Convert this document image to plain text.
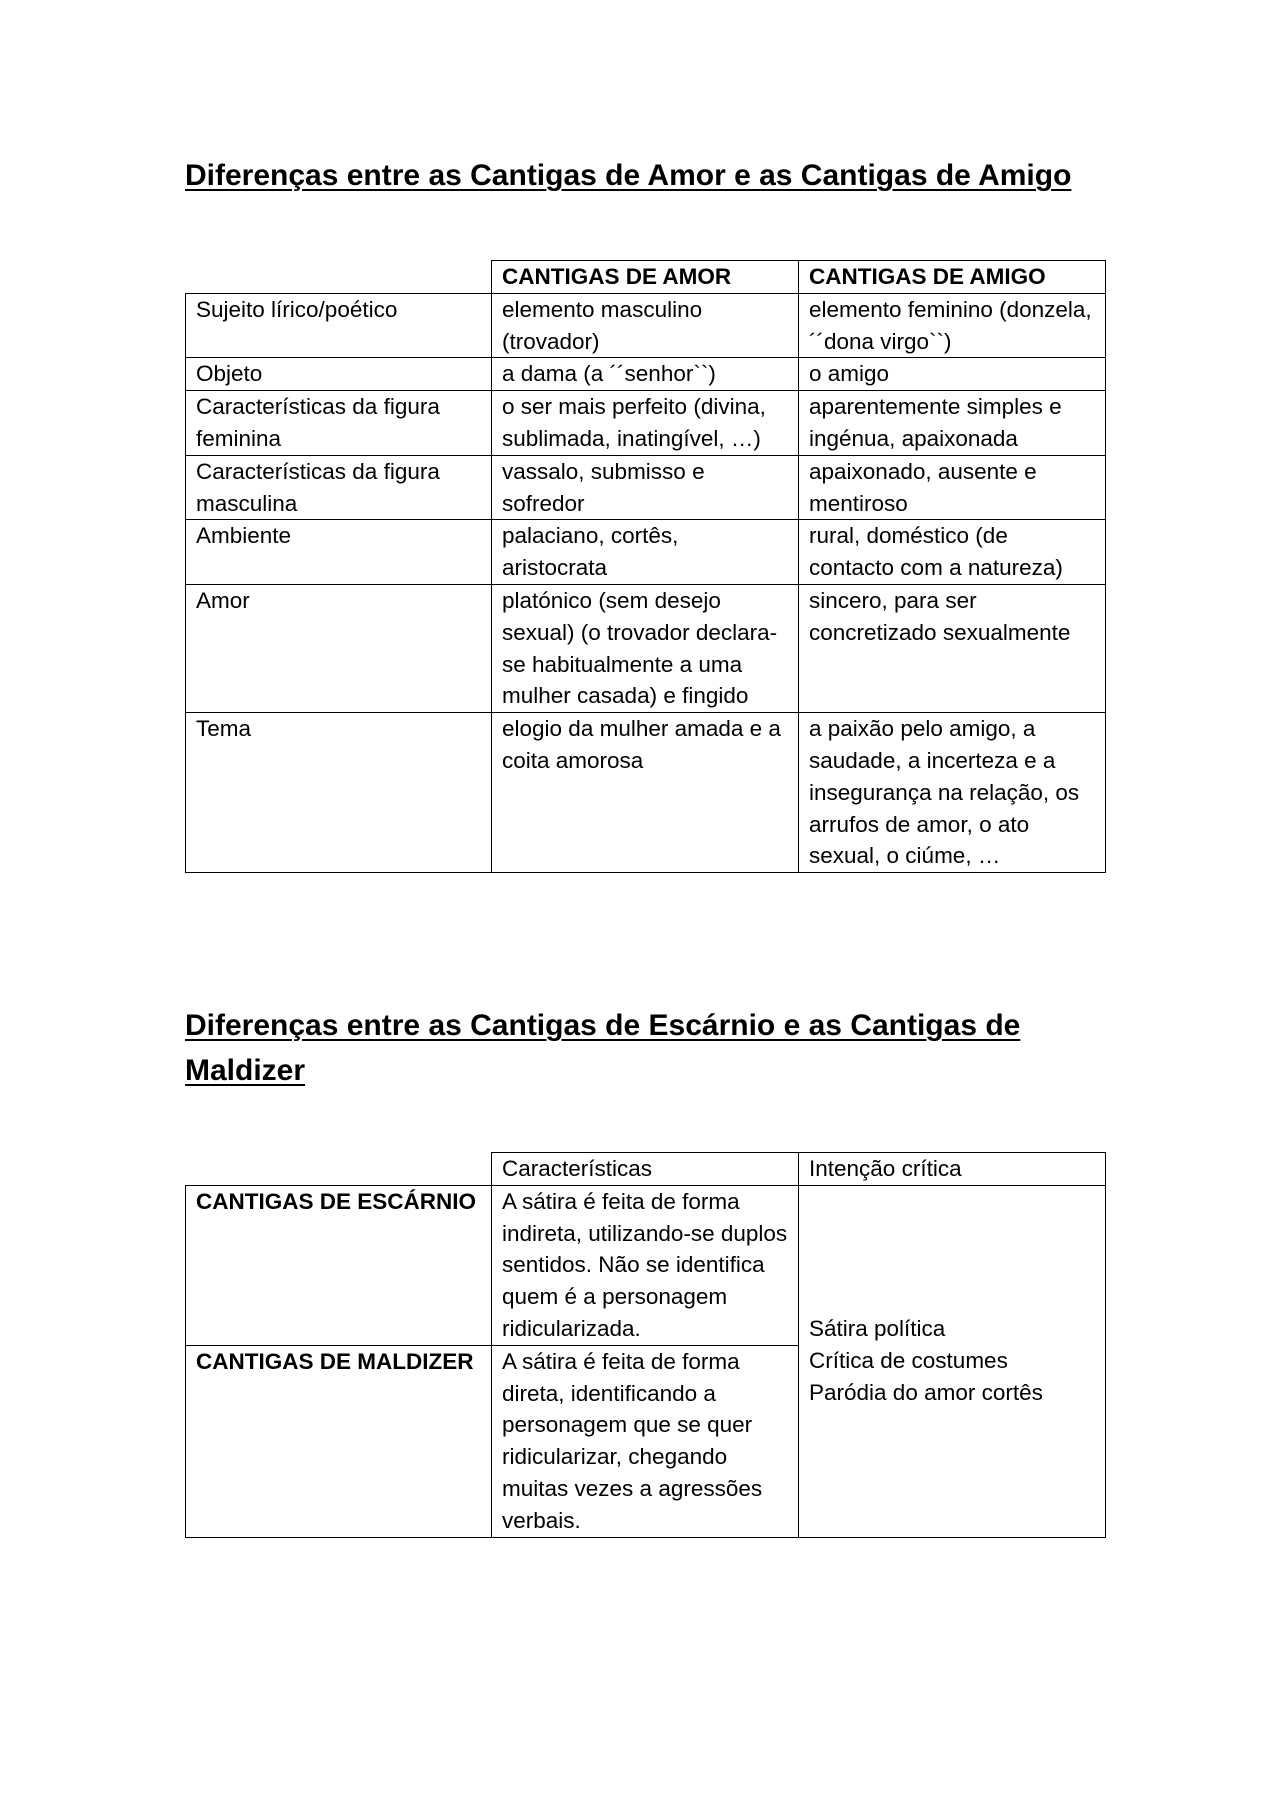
Diferenças entre as Cantigas de Amor e as Cantigas de Amigo
	CANTIGAS DE AMOR	CANTIGAS DE AMIGO
Sujeito lírico/poético	elemento masculino (trovador)	elemento feminino (donzela, ´´dona virgo``)
Objeto	a dama (a ´´senhor``)	o amigo
Características da figura feminina	o ser mais perfeito (divina, sublimada, inatingível, …)	aparentemente simples e ingénua, apaixonada
Características da figura masculina	vassalo, submisso e sofredor	apaixonado, ausente e mentiroso
Ambiente	palaciano, cortês, aristocrata	rural, doméstico (de contacto com a natureza)
Amor	platónico (sem desejo sexual) (o trovador declara-se habitualmente a uma mulher casada) e fingido	sincero, para ser concretizado sexualmente
Tema	elogio da mulher amada e a coita amorosa	a paixão pelo amigo, a saudade, a incerteza e a insegurança na relação, os arrufos de amor, o ato sexual, o ciúme, …
Diferenças entre as Cantigas de Escárnio e as Cantigas de Maldizer
	Características	Intenção crítica
CANTIGAS DE ESCÁRNIO	A sátira é feita de forma indireta, utilizando-se duplos sentidos. Não se identifica quem é a personagem ridicularizada.	Sátira política
Crítica de costumes
Paródia do amor cortês

CANTIGAS DE MALDIZER	A sátira é feita de forma direta, identificando a personagem que se quer ridicularizar, chegando muitas vezes a agressões verbais.	
